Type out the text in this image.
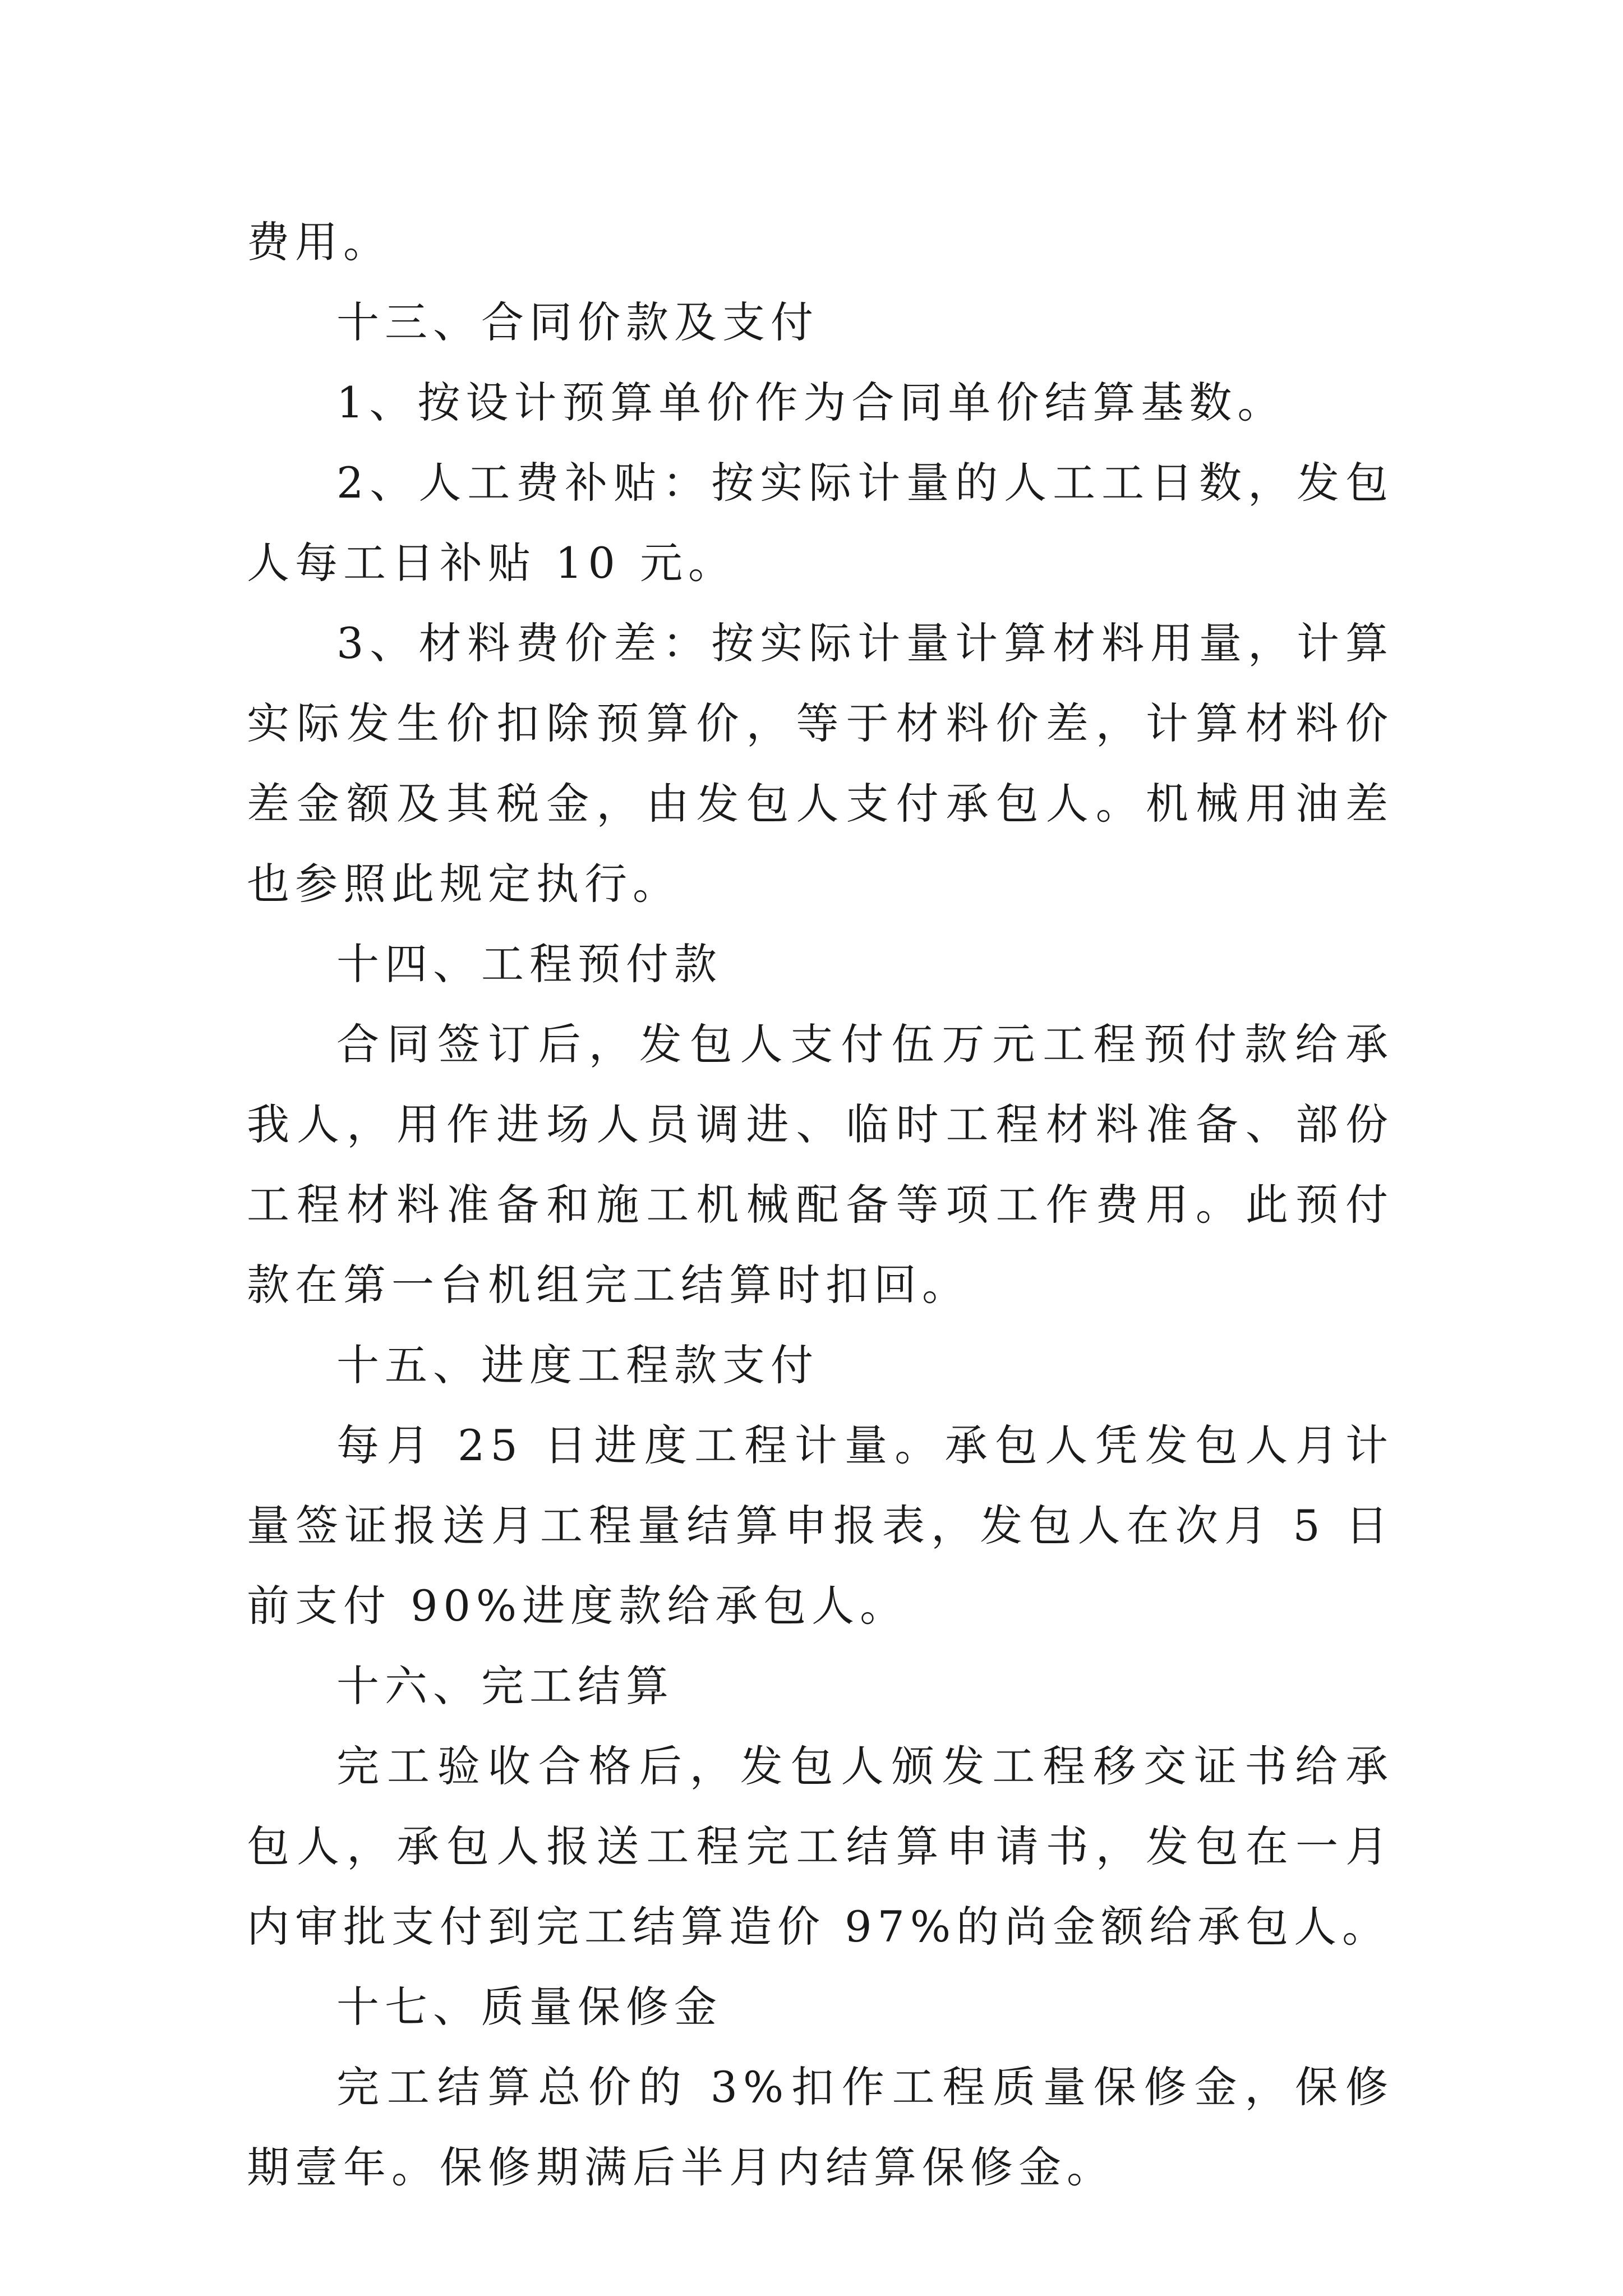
费用。

十三、合同价款及支付

1、按设计预算单价作为合同单价结算基数。

2、人工费补贴：按实际计量的人工工日数，发包人每工日补贴 10 元。

3、材料费价差：按实际计量计算材料用量，计算实际发生价扣除预算价，等于材料价差，计算材料价差金额及其税金，由发包人支付承包人。机械用油差也参照此规定执行。

十四、工程预付款

合同签订后，发包人支付伍万元工程预付款给承我人，用作进场人员调进、临时工程材料准备、部份工程材料准备和施工机械配备等项工作费用。此预付款在第一台机组完工结算时扣回。

十五、进度工程款支付

每月 25 日进度工程计量。承包人凭发包人月计量签证报送月工程量结算申报表，发包人在次月 5 日前支付 90%进度款给承包人。

十六、完工结算

完工验收合格后，发包人颁发工程移交证书给承包人，承包人报送工程完工结算申请书，发包在一月内审批支付到完工结算造价 97%的尚金额给承包人。

十七、质量保修金

完工结算总价的 3%扣作工程质量保修金，保修期壹年。保修期满后半月内结算保修金。
